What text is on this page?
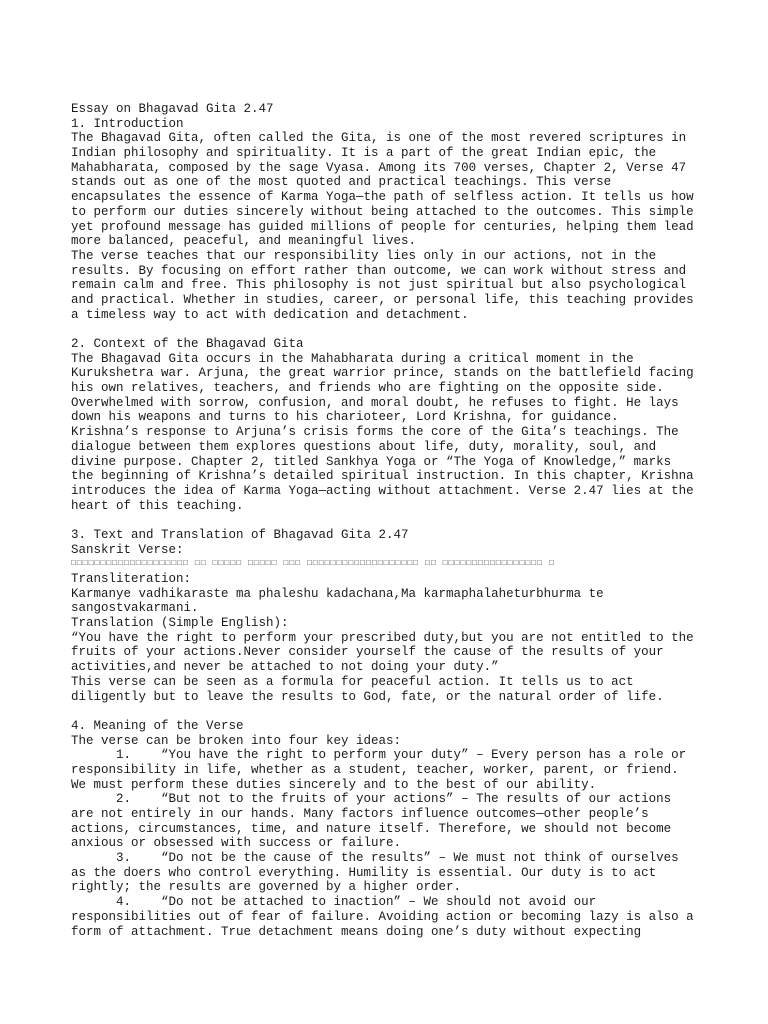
Essay on Bhagavad Gita 2.47
1. Introduction
The Bhagavad Gita, often called the Gita, is one of the most revered scriptures in
Indian philosophy and spirituality. It is a part of the great Indian epic, the
Mahabharata, composed by the sage Vyasa. Among its 700 verses, Chapter 2, Verse 47
stands out as one of the most quoted and practical teachings. This verse
encapsulates the essence of Karma Yoga—the path of selfless action. It tells us how
to perform our duties sincerely without being attached to the outcomes. This simple
yet profound message has guided millions of people for centuries, helping them lead
more balanced, peaceful, and meaningful lives.
The verse teaches that our responsibility lies only in our actions, not in the
results. By focusing on effort rather than outcome, we can work without stress and
remain calm and free. This philosophy is not just spiritual but also psychological
and practical. Whether in studies, career, or personal life, this teaching provides
a timeless way to act with dedication and detachment.
2. Context of the Bhagavad Gita
The Bhagavad Gita occurs in the Mahabharata during a critical moment in the
Kurukshetra war. Arjuna, the great warrior prince, stands on the battlefield facing
his own relatives, teachers, and friends who are fighting on the opposite side.
Overwhelmed with sorrow, confusion, and moral doubt, he refuses to fight. He lays
down his weapons and turns to his charioteer, Lord Krishna, for guidance.
Krishna’s response to Arjuna’s crisis forms the core of the Gita’s teachings. The
dialogue between them explores questions about life, duty, morality, soul, and
divine purpose. Chapter 2, titled Sankhya Yoga or “The Yoga of Knowledge,” marks
the beginning of Krishna’s detailed spiritual instruction. In this chapter, Krishna
introduces the idea of Karma Yoga—acting without attachment. Verse 2.47 lies at the
heart of this teaching.
3. Text and Translation of Bhagavad Gita 2.47
Sanskrit Verse:
□□□□□□□□□□□□□□□□□□□□ □□ □□□□□ □□□□□ □□□ □□□□□□□□□□□□□□□□□□□ □□ □□□□□□□□□□□□□□□□□ □
Transliteration:
Karmanye vadhikaraste ma phaleshu kadachana,Ma karmaphalaheturbhurma te
sangostvakarmani.
Translation (Simple English):
“You have the right to perform your prescribed duty,but you are not entitled to the
fruits of your actions.Never consider yourself the cause of the results of your
activities,and never be attached to not doing your duty.”
This verse can be seen as a formula for peaceful action. It tells us to act
diligently but to leave the results to God, fate, or the natural order of life.
4. Meaning of the Verse
The verse can be broken into four key ideas:
1.    “You have the right to perform your duty” – Every person has a role or
responsibility in life, whether as a student, teacher, worker, parent, or friend.
We must perform these duties sincerely and to the best of our ability.
2.    “But not to the fruits of your actions” – The results of our actions
are not entirely in our hands. Many factors influence outcomes—other people’s
actions, circumstances, time, and nature itself. Therefore, we should not become
anxious or obsessed with success or failure.
3.    “Do not be the cause of the results” – We must not think of ourselves
as the doers who control everything. Humility is essential. Our duty is to act
rightly; the results are governed by a higher order.
4.    “Do not be attached to inaction” – We should not avoid our
responsibilities out of fear of failure. Avoiding action or becoming lazy is also a
form of attachment. True detachment means doing one’s duty without expecting
